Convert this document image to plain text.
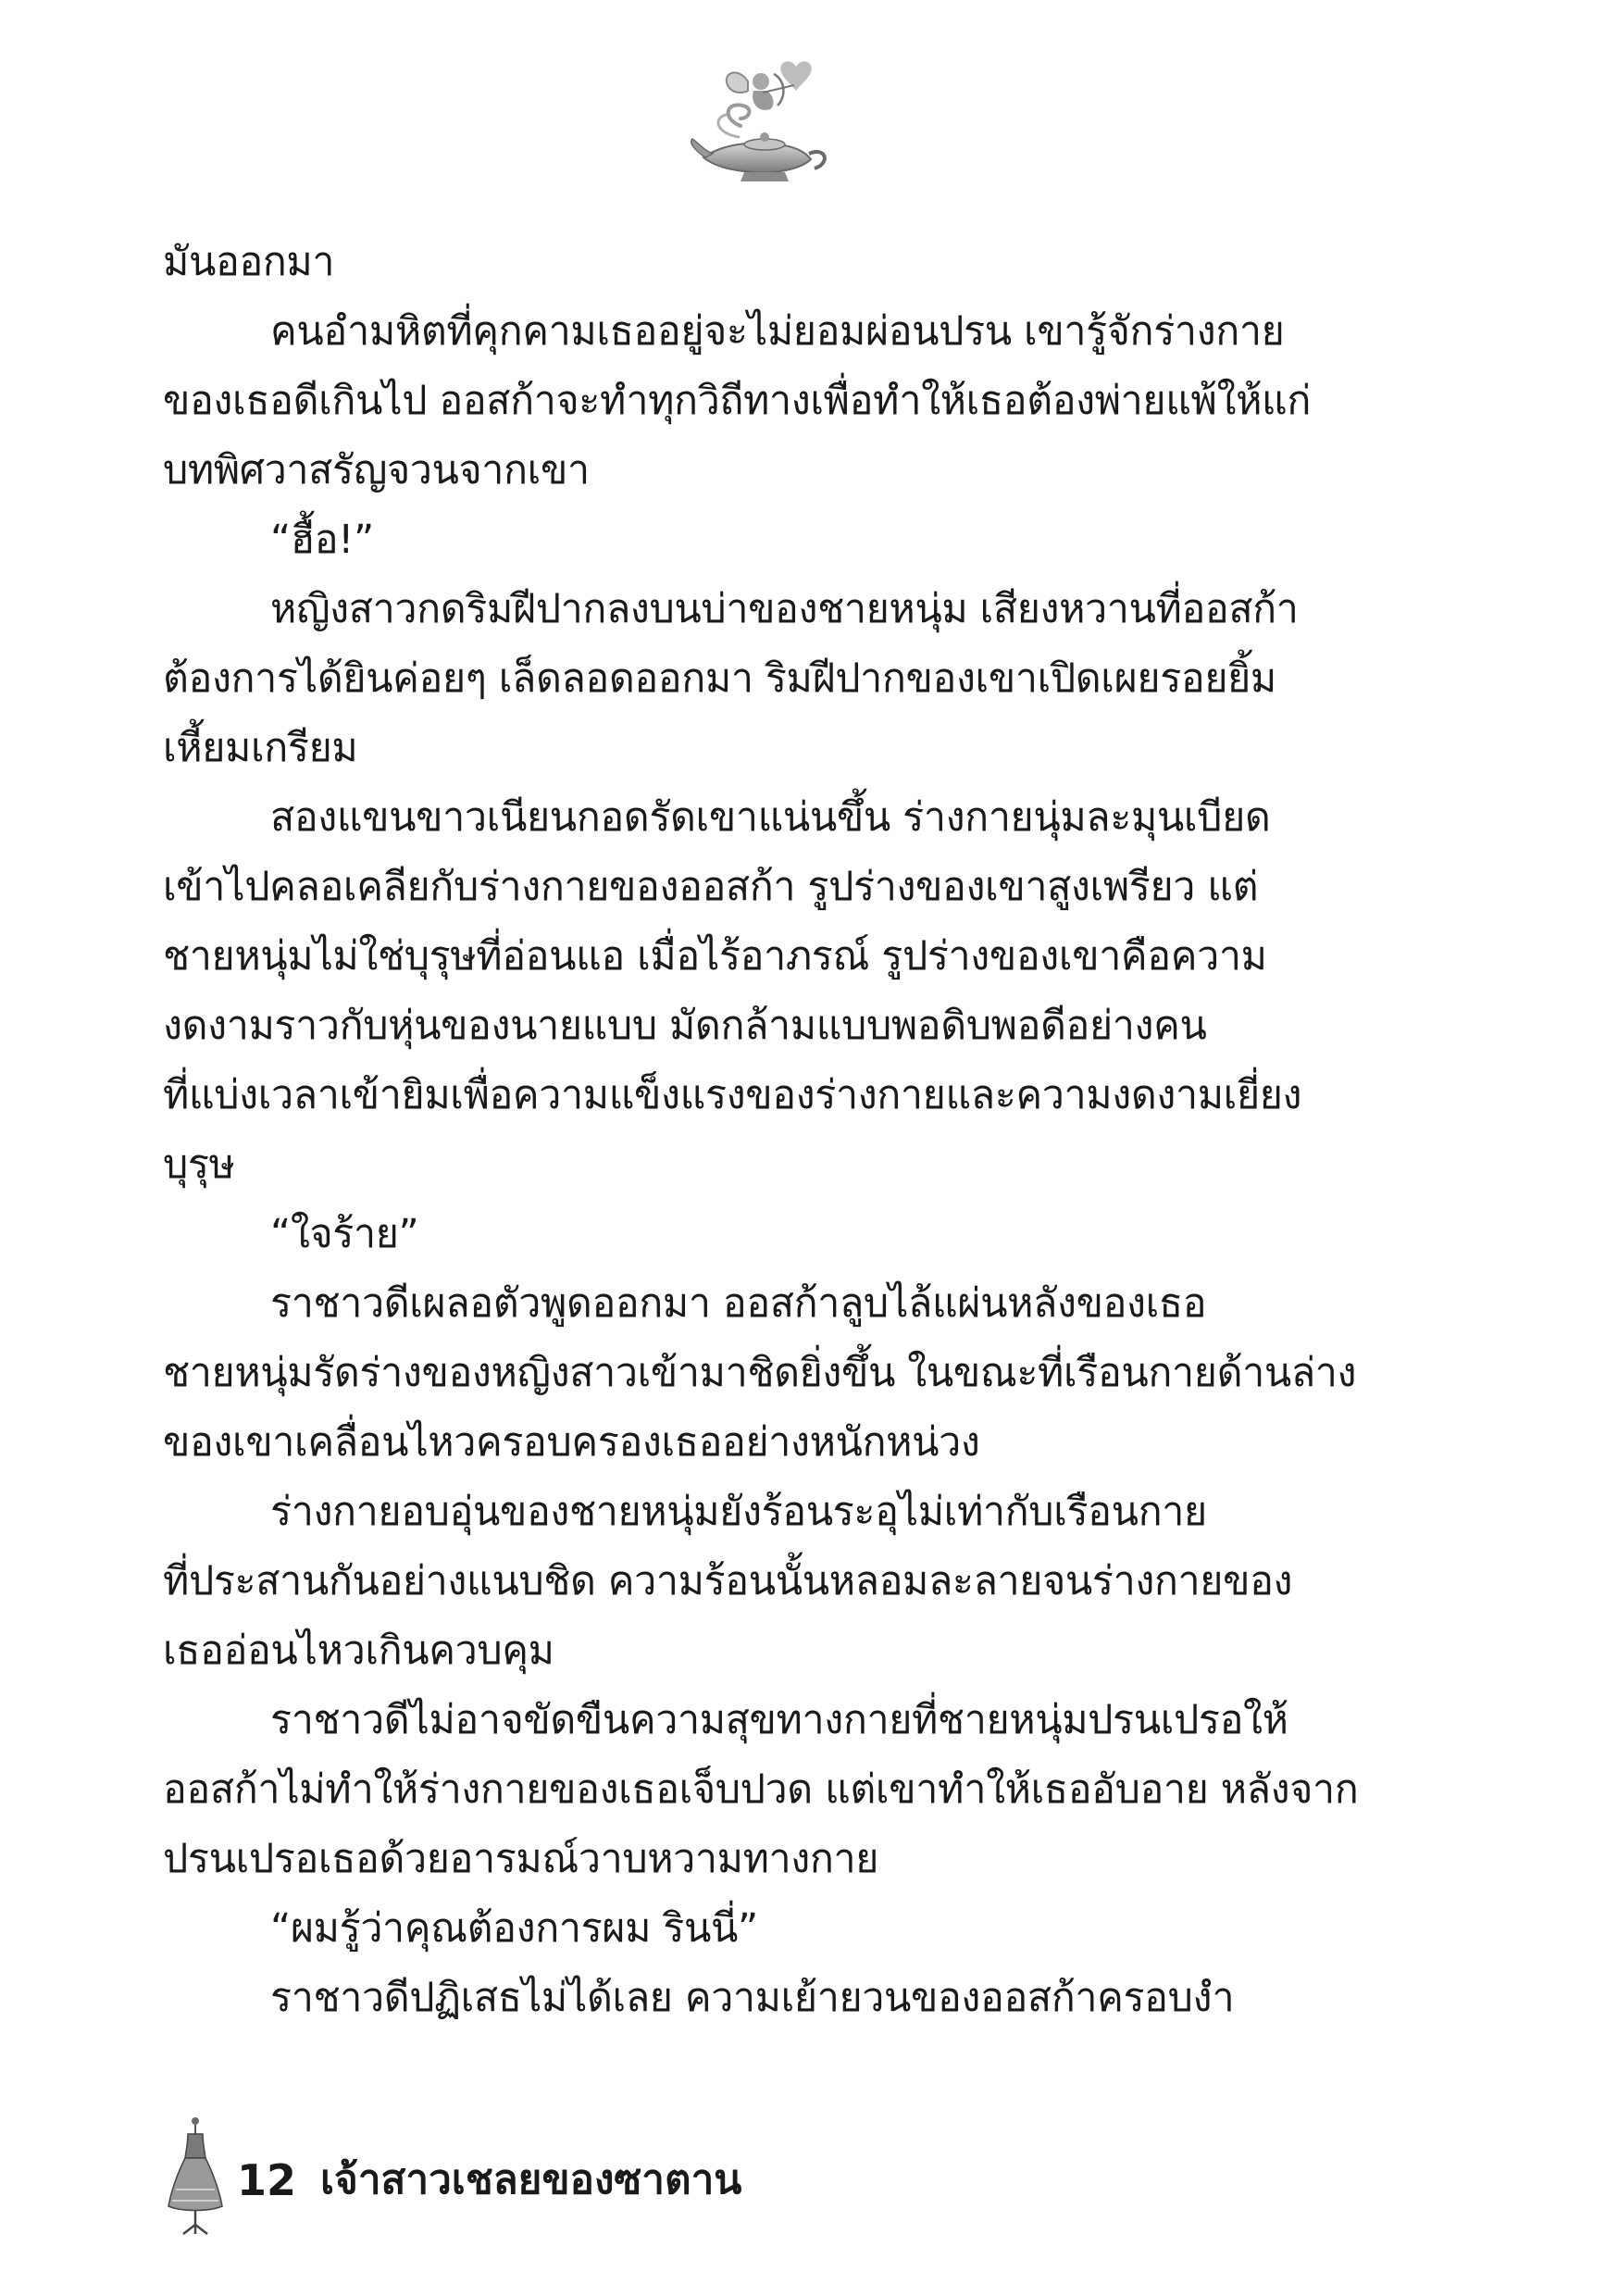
มันออกมา
คนอำมหิตที่คุกคามเธออยู่จะไม่ยอมผ่อนปรน เขารู้จักร่างกาย
ของเธอดีเกินไป ออสก้าจะทำทุกวิถีทางเพื่อทำให้เธอต้องพ่ายแพ้ให้แก่
บทพิศวาสรัญจวนจากเขา
“ฮื้อ!”
หญิงสาวกดริมฝีปากลงบนบ่าของชายหนุ่ม เสียงหวานที่ออสก้า
ต้องการได้ยินค่อยๆ เล็ดลอดออกมา ริมฝีปากของเขาเปิดเผยรอยยิ้ม
เหี้ยมเกรียม
สองแขนขาวเนียนกอดรัดเขาแน่นขึ้น ร่างกายนุ่มละมุนเบียด
เข้าไปคลอเคลียกับร่างกายของออสก้า รูปร่างของเขาสูงเพรียว แต่
ชายหนุ่มไม่ใช่บุรุษที่อ่อนแอ เมื่อไร้อาภรณ์ รูปร่างของเขาคือความ
งดงามราวกับหุ่นของนายแบบ มัดกล้ามแบบพอดิบพอดีอย่างคน
ที่แบ่งเวลาเข้ายิมเพื่อความแข็งแรงของร่างกายและความงดงามเยี่ยง
บุรุษ
“ใจร้าย”
ราชาวดีเผลอตัวพูดออกมา ออสก้าลูบไล้แผ่นหลังของเธอ
ชายหนุ่มรัดร่างของหญิงสาวเข้ามาชิดยิ่งขึ้น ในขณะที่เรือนกายด้านล่าง
ของเขาเคลื่อนไหวครอบครองเธออย่างหนักหน่วง
ร่างกายอบอุ่นของชายหนุ่มยังร้อนระอุไม่เท่ากับเรือนกาย
ที่ประสานกันอย่างแนบชิด ความร้อนนั้นหลอมละลายจนร่างกายของ
เธออ่อนไหวเกินควบคุม
ราชาวดีไม่อาจขัดขืนความสุขทางกายที่ชายหนุ่มปรนเปรอให้
ออสก้าไม่ทำให้ร่างกายของเธอเจ็บปวด แต่เขาทำให้เธออับอาย หลังจาก
ปรนเปรอเธอด้วยอารมณ์วาบหวามทางกาย
“ผมรู้ว่าคุณต้องการผม รินนี่”
ราชาวดีปฏิเสธไม่ได้เลย ความเย้ายวนของออสก้าครอบงำ
12 เจ้าสาวเชลยของซาตาน
